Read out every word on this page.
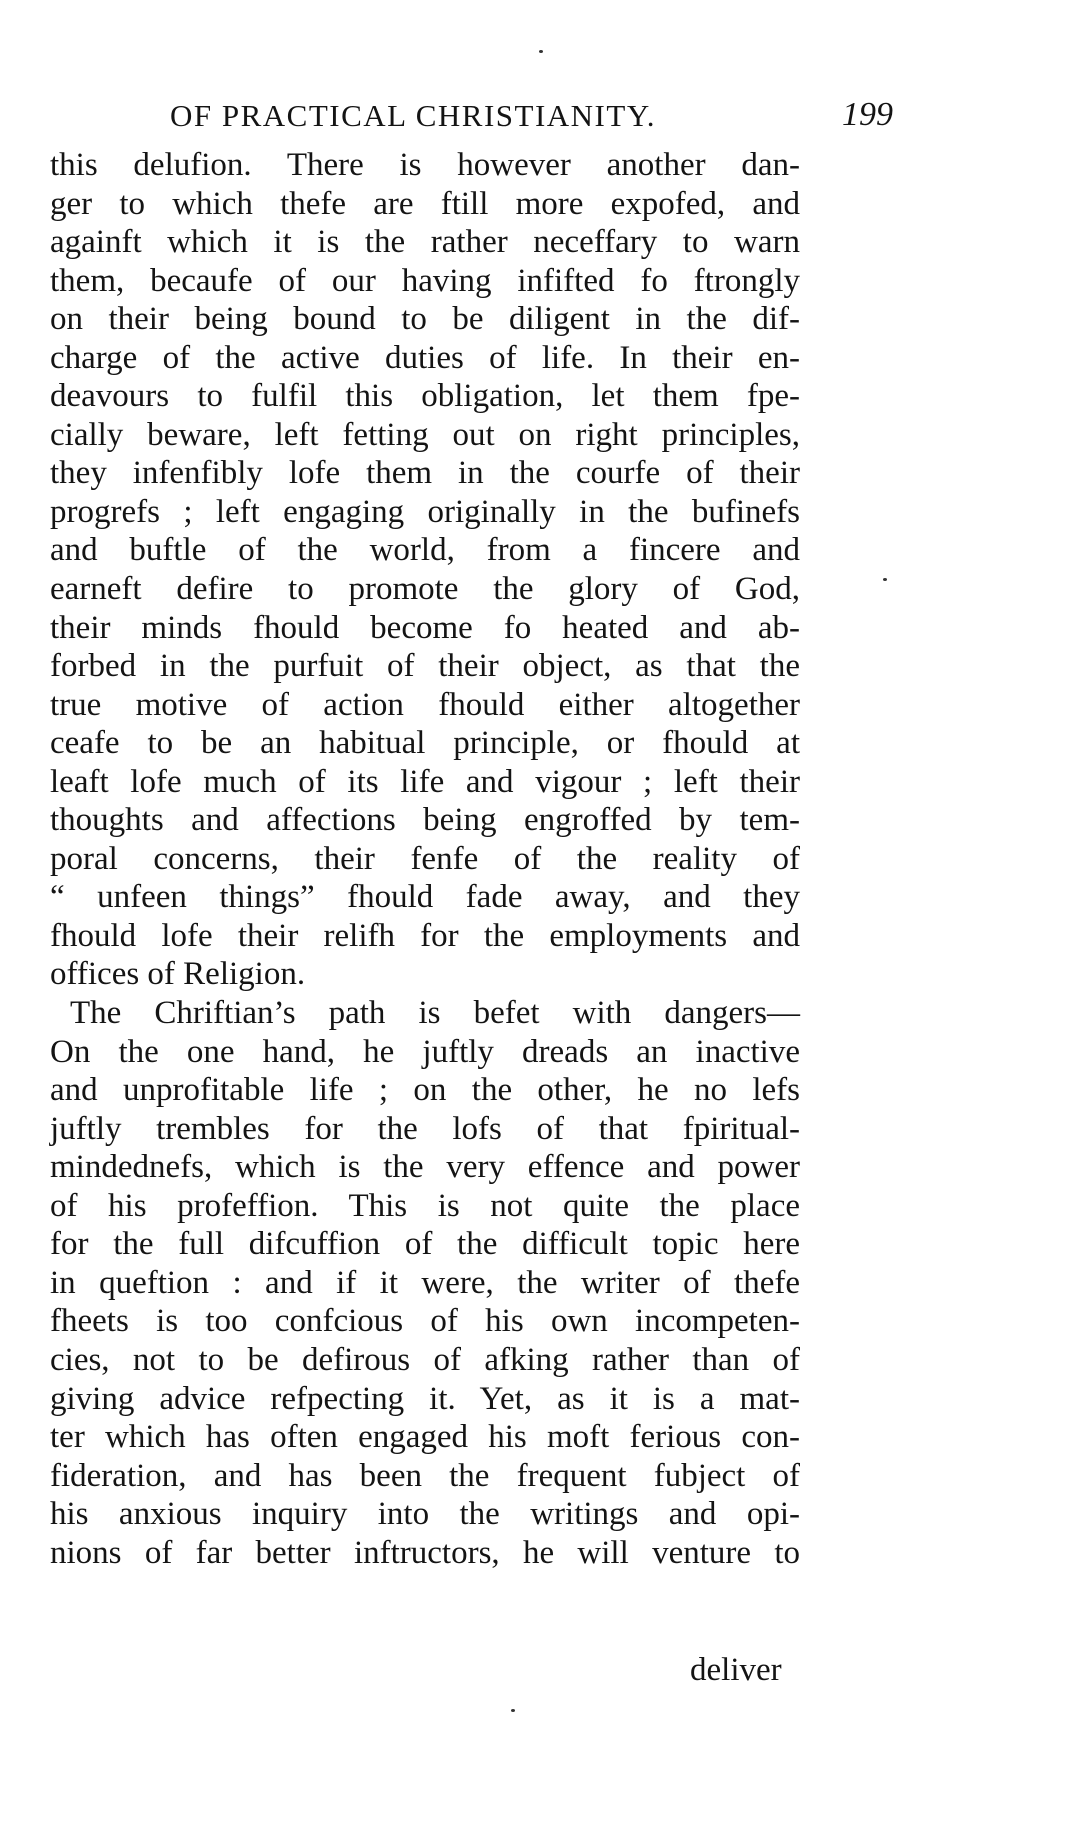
OF PRACTICAL CHRISTIANITY.	199
this delufion. There is however another dan-
ger to which thefe are ftill more expofed, and
againft which it is the rather neceffary to warn
them, becaufe of our having infifted fo ftrongly
on their being bound to be diligent in the dif-
charge of the active duties of life. In their en-
deavours to fulfil this obligation, let them fpe-
cially beware, left fetting out on right principles,
they infenfibly lofe them in the courfe of their
progrefs ; left engaging originally in the bufinefs
and buftle of the world, from a fincere and
earneft defire to promote the glory of God,
their minds fhould become fo heated and ab-
forbed in the purfuit of their object, as that the
true motive of action fhould either altogether
ceafe to be an habitual principle, or fhould at
leaft lofe much of its life and vigour ; left their
thoughts and affections being engroffed by tem-
poral concerns, their fenfe of the reality of
“ unfeen things” fhould fade away, and they
fhould lofe their relifh for the employments and
offices of Religion.
The Chriftian’s path is befet with dangers—
On the one hand, he juftly dreads an inactive
and unprofitable life ; on the other, he no lefs
juftly trembles for the lofs of that fpiritual-
mindednefs, which is the very effence and power
of his profeffion. This is not quite the place
for the full difcuffion of the difficult topic here
in queftion : and if it were, the writer of thefe
fheets is too confcious of his own incompeten-
cies, not to be defirous of afking rather than of
giving advice refpecting it. Yet, as it is a mat-
ter which has often engaged his moft ferious con-
fideration, and has been the frequent fubject of
his anxious inquiry into the writings and opi-
nions of far better inftructors, he will venture to
deliver
